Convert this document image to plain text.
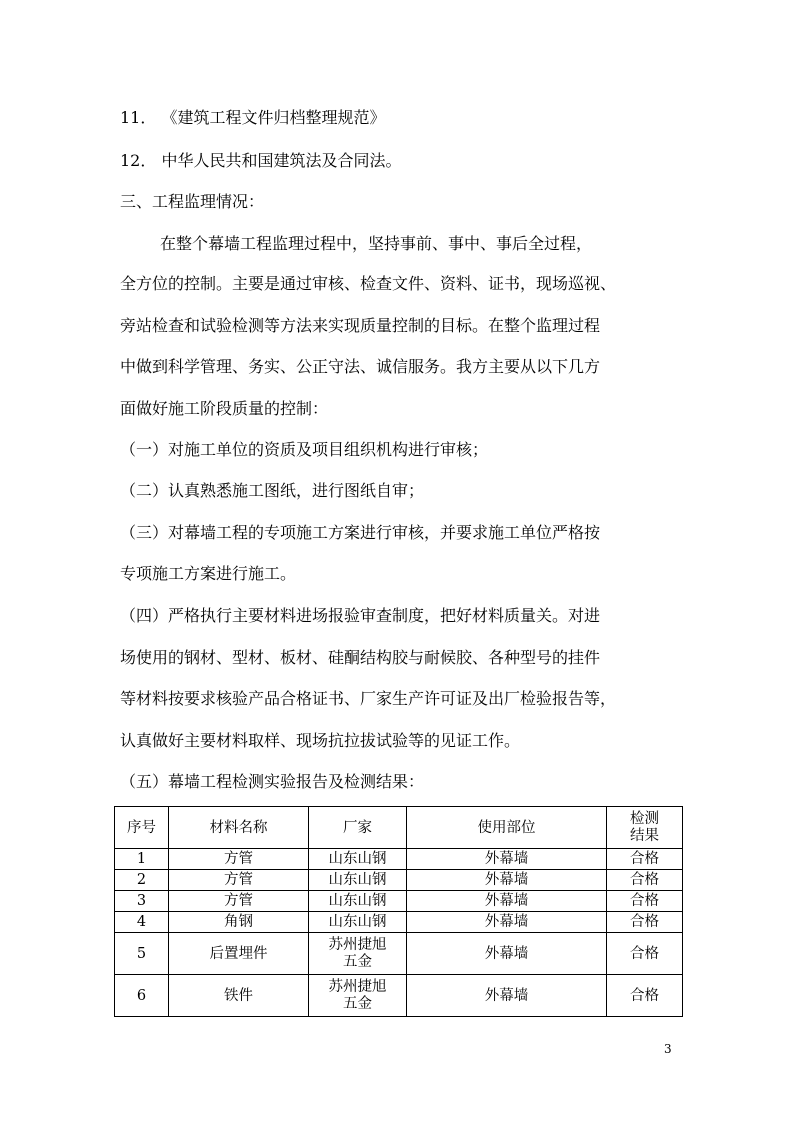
11． 《建筑工程文件归档整理规范》
12． 中华人民共和国建筑法及合同法。
三、工程监理情况：
在整个幕墙工程监理过程中，坚持事前、事中、事后全过程，
全方位的控制。主要是通过审核、检查文件、资料、证书，现场巡视、
旁站检查和试验检测等方法来实现质量控制的目标。在整个监理过程
中做到科学管理、务实、公正守法、诚信服务。我方主要从以下几方
面做好施工阶段质量的控制：
（一）对施工单位的资质及项目组织机构进行审核；
（二）认真熟悉施工图纸，进行图纸自审；
（三）对幕墙工程的专项施工方案进行审核，并要求施工单位严格按
专项施工方案进行施工。
（四）严格执行主要材料进场报验审查制度，把好材料质量关。对进
场使用的钢材、型材、板材、硅酮结构胶与耐候胶、各种型号的挂件
等材料按要求核验产品合格证书、厂家生产许可证及出厂检验报告等，
认真做好主要材料取样、现场抗拉拔试验等的见证工作。
（五）幕墙工程检测实验报告及检测结果：
序号	材料名称	厂家	使用部位	检测结果
1	方管	山东山钢	外幕墙	合格
2	方管	山东山钢	外幕墙	合格
3	方管	山东山钢	外幕墙	合格
4	角钢	山东山钢	外幕墙	合格
5	后置埋件	苏州捷旭五金	外幕墙	合格
6	铁件	苏州捷旭五金	外幕墙	合格
3
